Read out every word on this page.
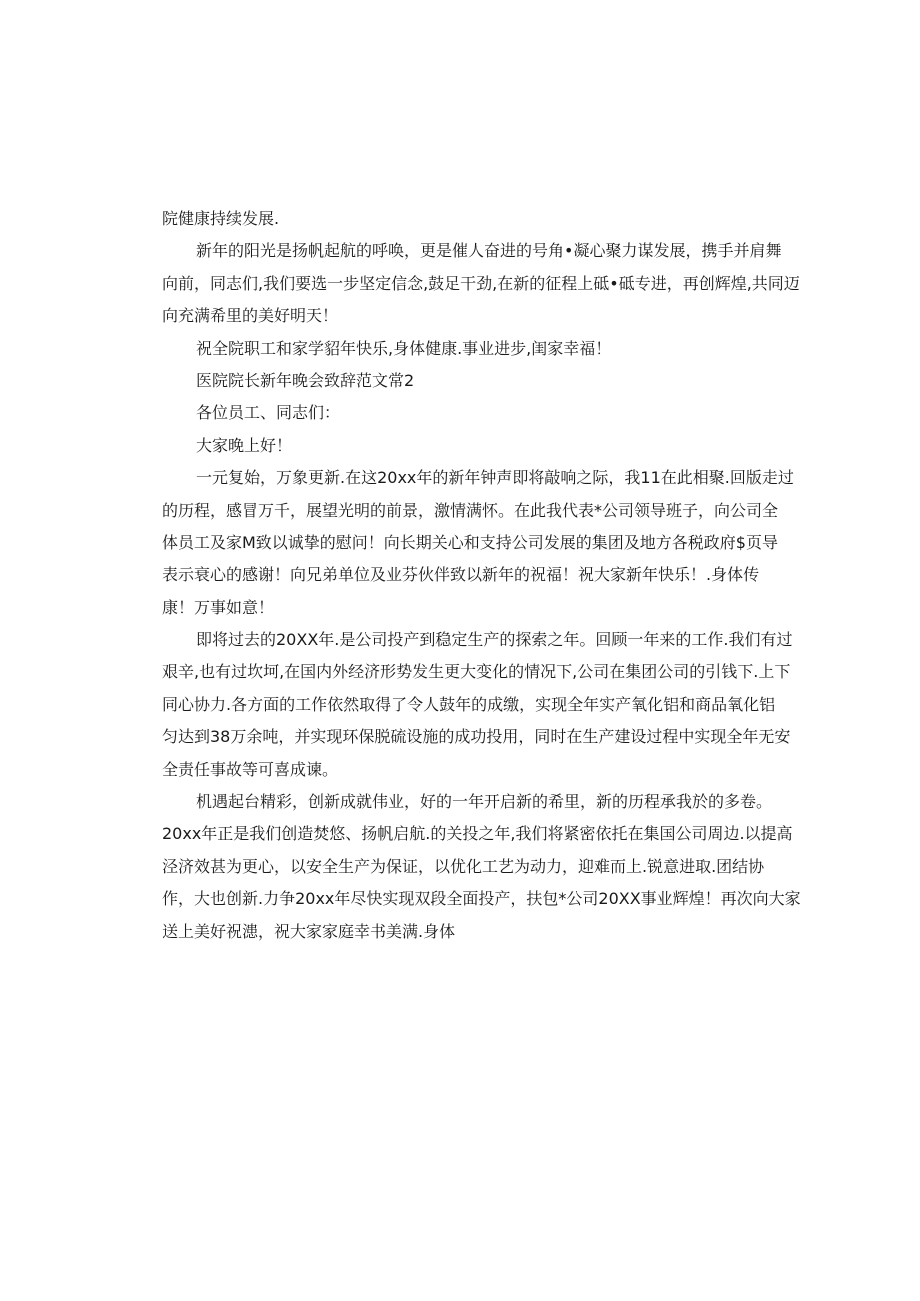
院健康持续发展.
新年的阳光是扬帆起航的呼唤，更是催人奋进的号角•凝心聚力谋发展，携手并肩舞
向前，同志们,我们要选一步坚定信念,鼓足干劲,在新的征程上砥•砥专进，再创辉煌,共同迈
向充满希里的美好明天！
祝全院职工和家学貂年快乐,身体健康.事业进步,闺家幸福！
医院院长新年晚会致辞范文常2
各位员工、同志们：
大家晚上好！
一元复始，万象更新.在这20xx年的新年钟声即将敲响之际，我11在此相聚.回版走过
的历程，感冒万千，展望光明的前景，激情满怀。在此我代表*公司领导班子，向公司全
体员工及家M致以诚挚的慰问！向长期关心和支持公司发展的集团及地方各税政府$页导
表示衰心的感谢！向兄弟单位及业芬伙伴致以新年的祝福！祝大家新年快乐！.身体传
康！万事如意！
即将过去的20XX年.是公司投产到稳定生产的探索之年。回顾一年来的工作.我们有过
艰辛,也有过坎坷,在国内外经济形势发生更大变化的情况下,公司在集团公司的引钱下.上下
同心协力.各方面的工作依然取得了令人鼓年的成缴，实现全年实产氧化铝和商品氧化铝
匀达到38万余吨，并实现环保脱硫设施的成功投用，同时在生产建设过程中实现全年无安
全责任事故等可喜成谏。
机遇起台精彩，创新成就伟业，好的一年开启新的希里，新的历程承我於的多卷。
20xx年正是我们创造焚悠、扬帆启航.的关投之年,我们将紧密依托在集国公司周边.以提高
泾济效甚为更心，以安全生产为保证，以优化工艺为动力，迎难而上.锐意进取.团结协
作，大也创新.力争20xx年尽快实现双段全面投产，扶包*公司20XX事业辉煌！再次向大家
送上美好祝漶，祝大家家庭幸书美满.身体
